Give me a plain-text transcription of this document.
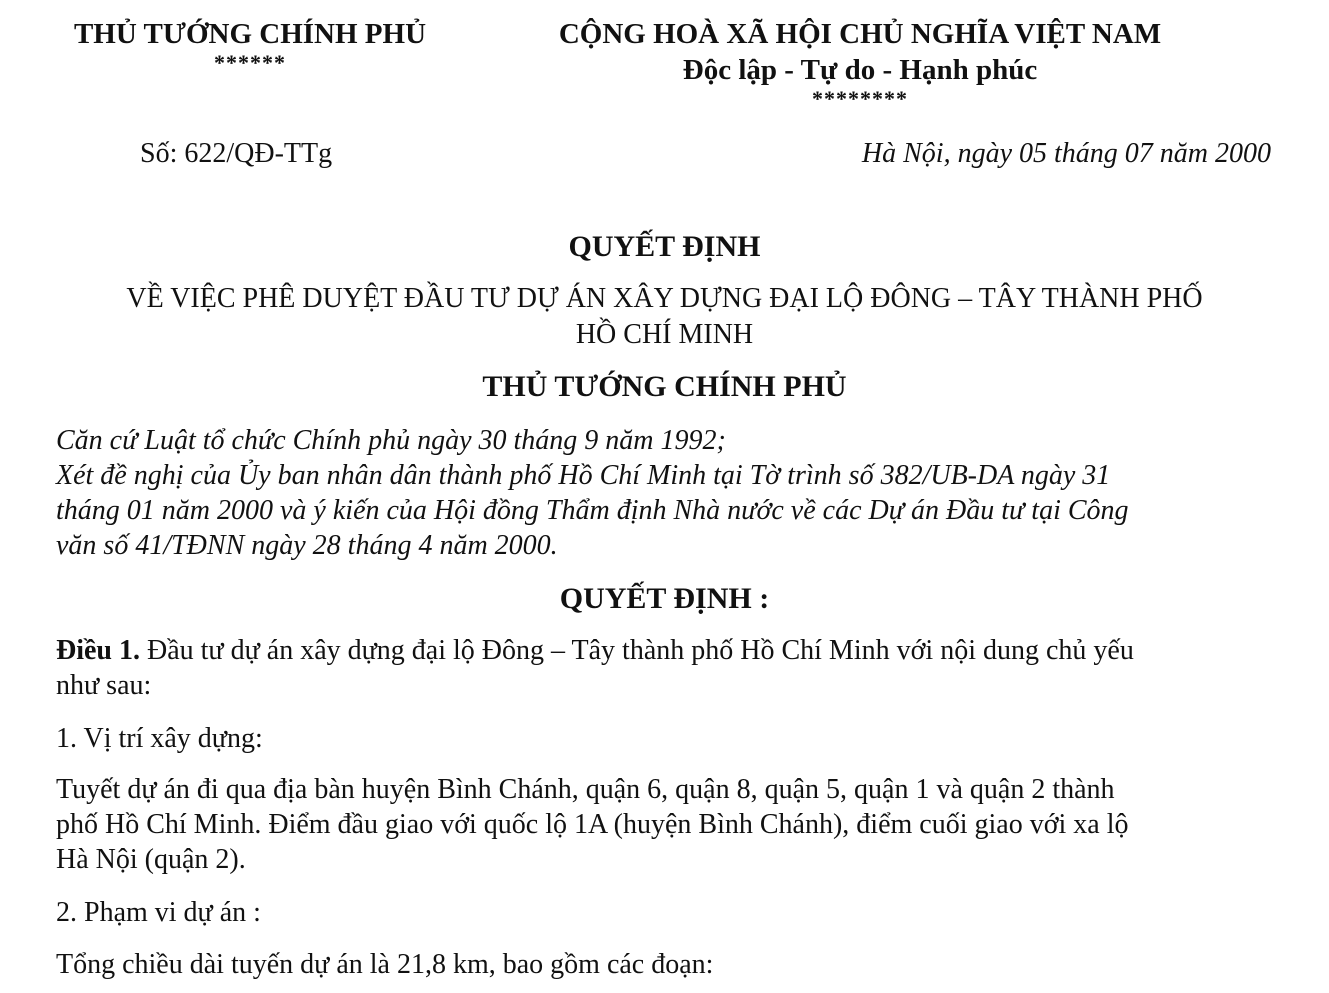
THỦ TƯỚNG CHÍNH PHỦ
******
CỘNG HOÀ XÃ HỘI CHỦ NGHĨA VIỆT NAM
Độc lập - Tự do - Hạnh phúc
********
Số: 622/QĐ-TTg	Hà Nội, ngày 05 tháng 07 năm 2000
QUYẾT ĐỊNH
VỀ VIỆC PHÊ DUYỆT ĐẦU TƯ DỰ ÁN XÂY DỰNG ĐẠI LỘ ĐÔNG – TÂY THÀNH PHỐ
HỒ CHÍ MINH
THỦ TƯỚNG CHÍNH PHỦ
Căn cứ Luật tổ chức Chính phủ ngày 30 tháng 9 năm 1992;
Xét đề nghị của Ủy ban nhân dân thành phố Hồ Chí Minh tại Tờ trình số 382/UB-DA ngày 31
tháng 01 năm 2000 và ý kiến của Hội đồng Thẩm định Nhà nước về các Dự án Đầu tư tại Công
văn số 41/TĐNN ngày 28 tháng 4 năm 2000.
QUYẾT ĐỊNH :
Điều 1. Đầu tư dự án xây dựng đại lộ Đông – Tây thành phố Hồ Chí Minh với nội dung chủ yếu
như sau:
1. Vị trí xây dựng:
Tuyết dự án đi qua địa bàn huyện Bình Chánh, quận 6, quận 8, quận 5, quận 1 và quận 2 thành
phố Hồ Chí Minh. Điểm đầu giao với quốc lộ 1A (huyện Bình Chánh), điểm cuối giao với xa lộ
Hà Nội (quận 2).
2. Phạm vi dự án :
Tổng chiều dài tuyến dự án là 21,8 km, bao gồm các đoạn:
